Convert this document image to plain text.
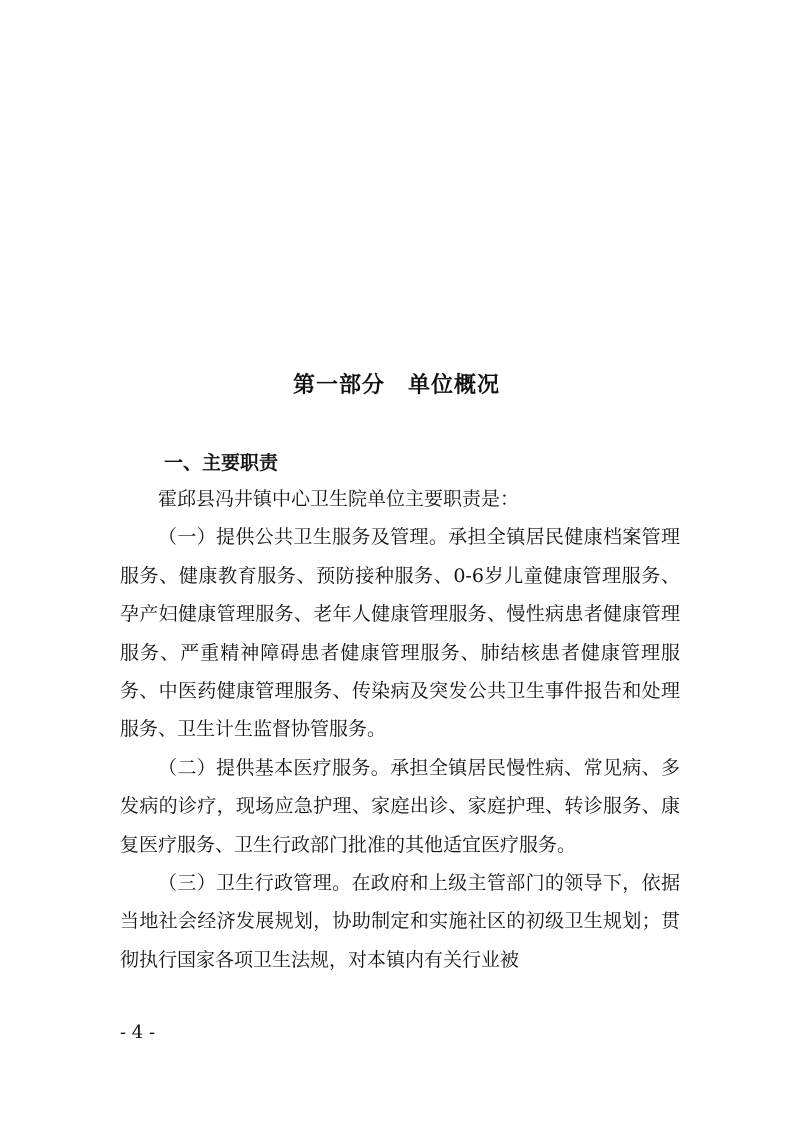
第一部分　单位概况
一、主要职责

霍邱县冯井镇中心卫生院单位主要职责是：

（一）提供公共卫生服务及管理。承担全镇居民健康档案管理服务、健康教育服务、预防接种服务、0-6岁儿童健康管理服务、孕产妇健康管理服务、老年人健康管理服务、慢性病患者健康管理服务、严重精神障碍患者健康管理服务、肺结核患者健康管理服务、中医药健康管理服务、传染病及突发公共卫生事件报告和处理服务、卫生计生监督协管服务。

（二）提供基本医疗服务。承担全镇居民慢性病、常见病、多发病的诊疗，现场应急护理、家庭出诊、家庭护理、转诊服务、康复医疗服务、卫生行政部门批准的其他适宜医疗服务。

（三）卫生行政管理。在政府和上级主管部门的领导下，依据当地社会经济发展规划，协助制定和实施社区的初级卫生规划；贯彻执行国家各项卫生法规，对本镇内有关行业被

- 4 -
